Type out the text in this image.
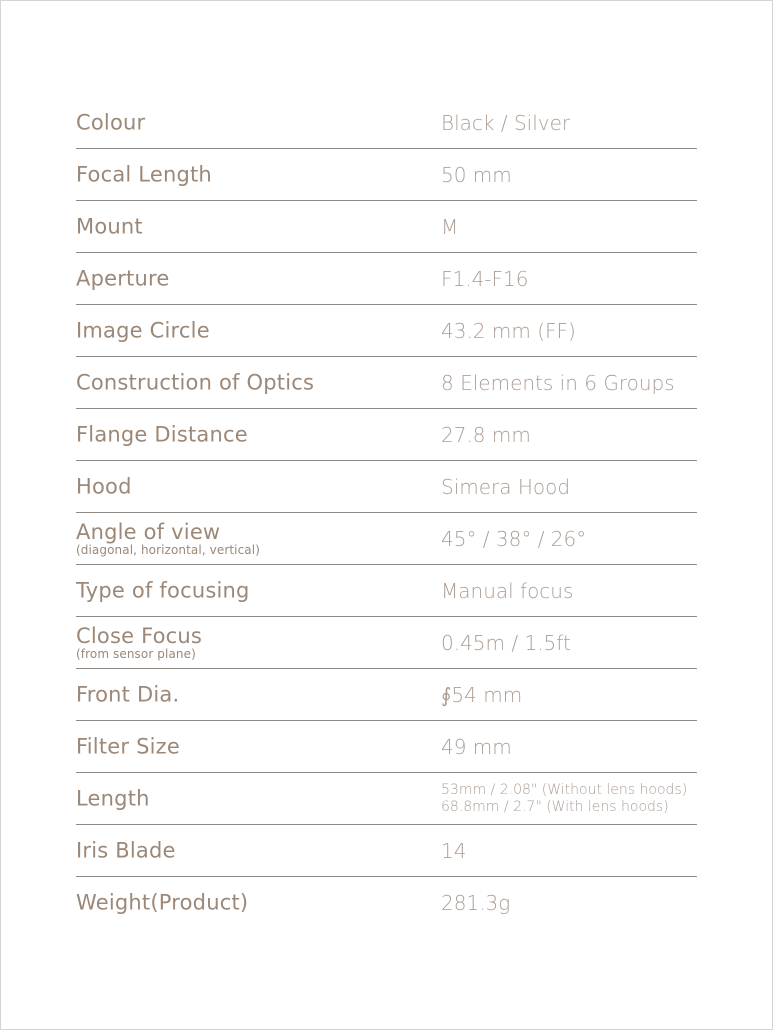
Colour	Black / Silver
Focal Length	50 mm
Mount	M
Aperture	F1.4-F16
Image Circle	43.2 mm (FF)
Construction of Optics	8 Elements in 6 Groups
Flange Distance	27.8 mm
Hood	Simera Hood
Angle of view
(diagonal, horizontal, vertical)	45° / 38° / 26°
Type of focusing	Manual focus
Close Focus
(from sensor plane)	0.45m / 1.5ft
Front Dia.	∮54 mm
Filter Size	49 mm
Length	53mm / 2.08" (Without lens hoods)
68.8mm / 2.7" (With lens hoods)
Iris Blade	14
Weight(Product)	281.3g
